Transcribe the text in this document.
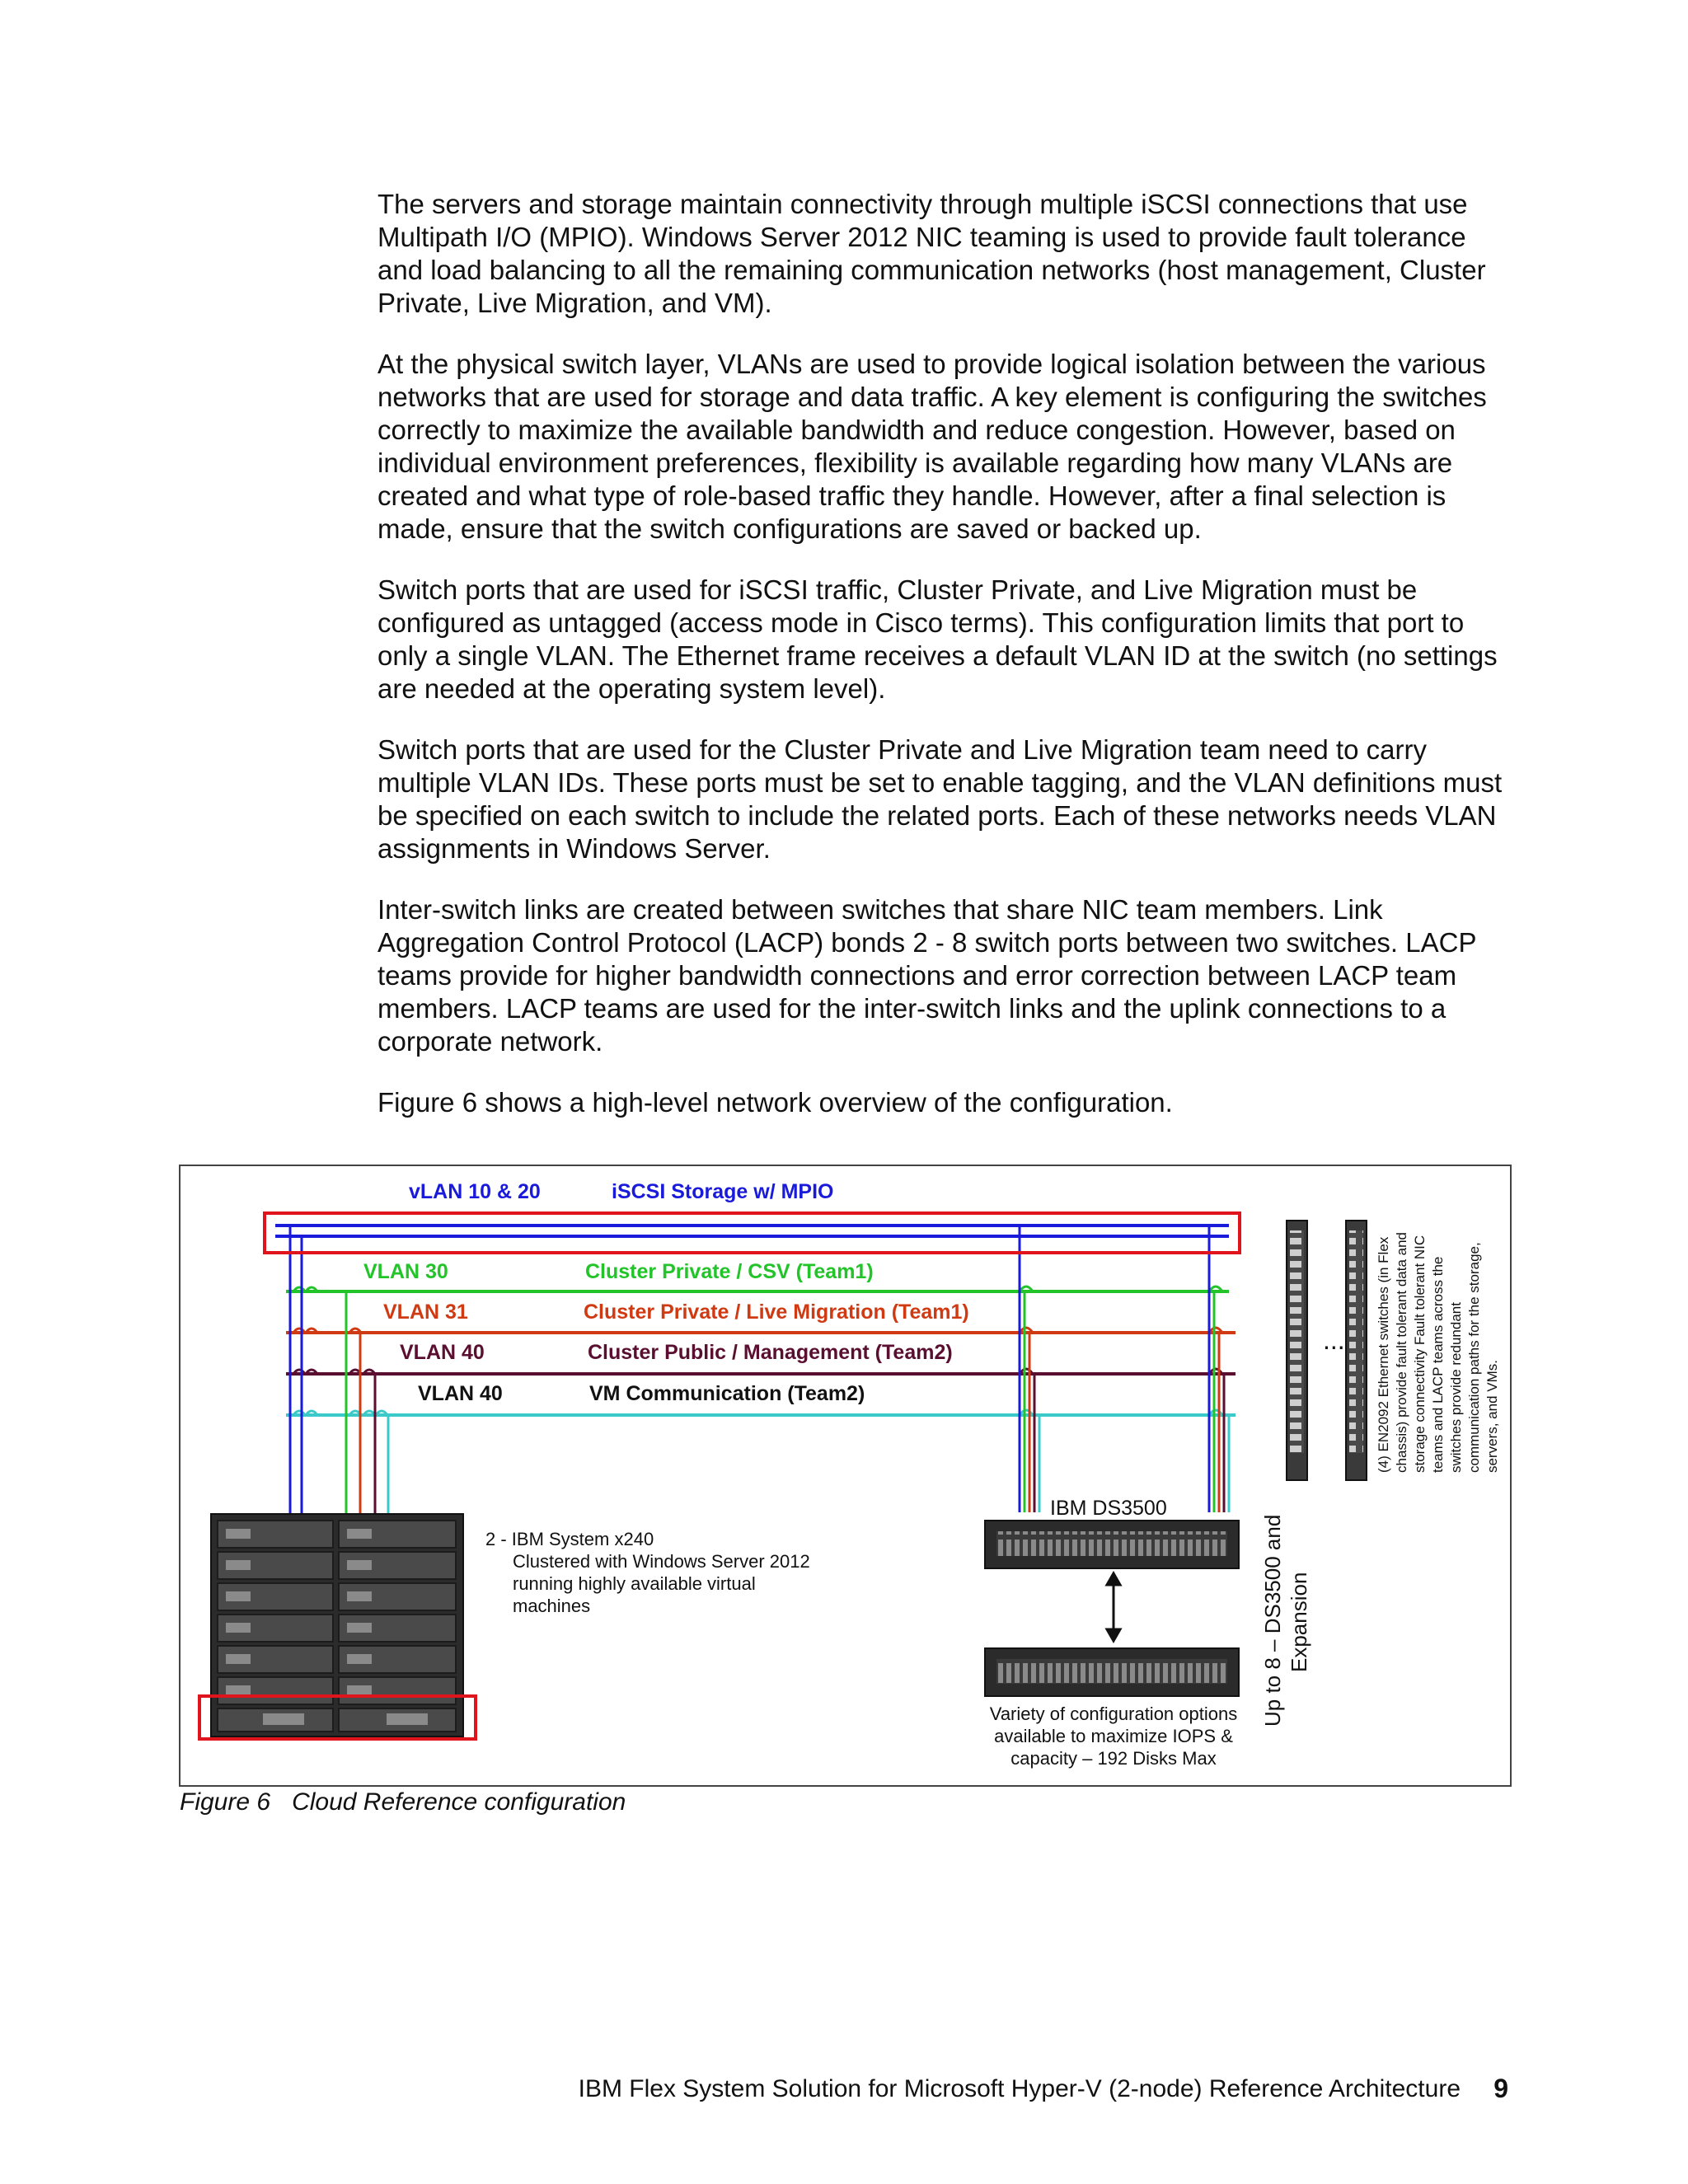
The servers and storage maintain connectivity through multiple iSCSI connections that use Multipath I/O (MPIO). Windows Server 2012 NIC teaming is used to provide fault tolerance and load balancing to all the remaining communication networks (host management, Cluster Private, Live Migration, and VM).

At the physical switch layer, VLANs are used to provide logical isolation between the various networks that are used for storage and data traffic. A key element is configuring the switches correctly to maximize the available bandwidth and reduce congestion. However, based on individual environment preferences, flexibility is available regarding how many VLANs are created and what type of role-based traffic they handle. However, after a final selection is made, ensure that the switch configurations are saved or backed up.

Switch ports that are used for iSCSI traffic, Cluster Private, and Live Migration must be configured as untagged (access mode in Cisco terms). This configuration limits that port to only a single VLAN. The Ethernet frame receives a default VLAN ID at the switch (no settings are needed at the operating system level).

Switch ports that are used for the Cluster Private and Live Migration team need to carry multiple VLAN IDs. These ports must be set to enable tagging, and the VLAN definitions must be specified on each switch to include the related ports. Each of these networks needs VLAN assignments in Windows Server.

Inter-switch links are created between switches that share NIC team members. Link Aggregation Control Protocol (LACP) bonds 2 - 8 switch ports between two switches. LACP teams provide for higher bandwidth connections and error correction between LACP team members. LACP teams are used for the inter-switch links and the uplink connections to a corporate network.

Figure 6 shows a high-level network overview of the configuration.

vLAN 10 & 20	iSCSI Storage w/ MPIO
VLAN 30	Cluster Private / CSV (Team1)
VLAN 31	Cluster Private / Live Migration (Team1)
VLAN 40	Cluster Public / Management (Team2)
VLAN 40	VM Communication (Team2)
2 - IBM System x240
Clustered with Windows Server 2012
running highly available virtual
machines
IBM DS3500
Variety of configuration options
available to maximize IOPS &
capacity – 192 Disks Max
Up to 8 – DS3500 and Expansion
... (4) EN2092 Ethernet switches (in Flex chassis) provide fault tolerant data and storage connectivity Fault tolerant NIC teams and LACP teams across the switches provide redundant communication paths for the storage, servers, and VMs.
Figure 6 Cloud Reference configuration
IBM Flex System Solution for Microsoft Hyper-V (2-node) Reference Architecture 9
